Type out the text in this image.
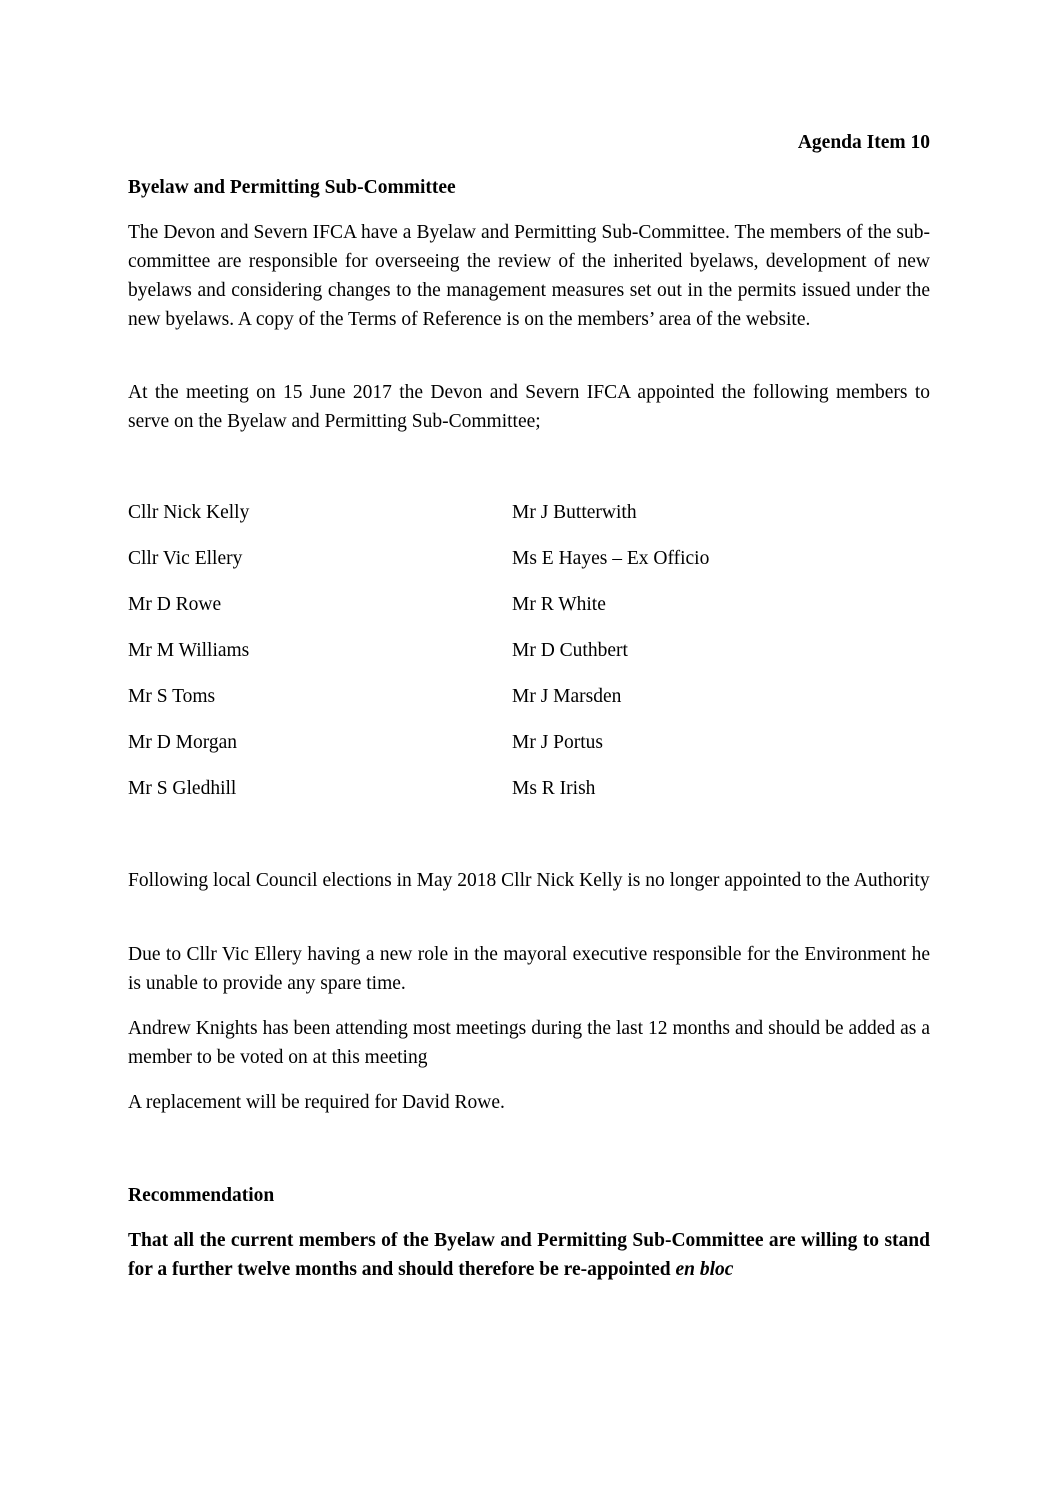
Agenda Item 10

Byelaw and Permitting Sub-Committee

The Devon and Severn IFCA have a Byelaw and Permitting Sub-Committee. The members of the sub-committee are responsible for overseeing the review of the inherited byelaws, development of new byelaws and considering changes to the management measures set out in the permits issued under the new byelaws. A copy of the Terms of Reference is on the members’ area of the website.

At the meeting on 15 June 2017 the Devon and Severn IFCA appointed the following members to serve on the Byelaw and Permitting Sub-Committee;

Cllr Nick Kelly	Mr J Butterwith
Cllr Vic Ellery	Ms E Hayes – Ex Officio
Mr D Rowe	Mr R White
Mr M Williams	Mr D Cuthbert
Mr S Toms	Mr J Marsden
Mr D Morgan	Mr J Portus
Mr S Gledhill	Ms R Irish

Following local Council elections in May 2018 Cllr Nick Kelly is no longer appointed to the Authority

Due to Cllr Vic Ellery having a new role in the mayoral executive responsible for the Environment he is unable to provide any spare time.

Andrew Knights has been attending most meetings during the last 12 months and should be added as a member to be voted on at this meeting

A replacement will be required for David Rowe.

Recommendation

That all the current members of the Byelaw and Permitting Sub-Committee are willing to stand for a further twelve months and should therefore be re-appointed en bloc
